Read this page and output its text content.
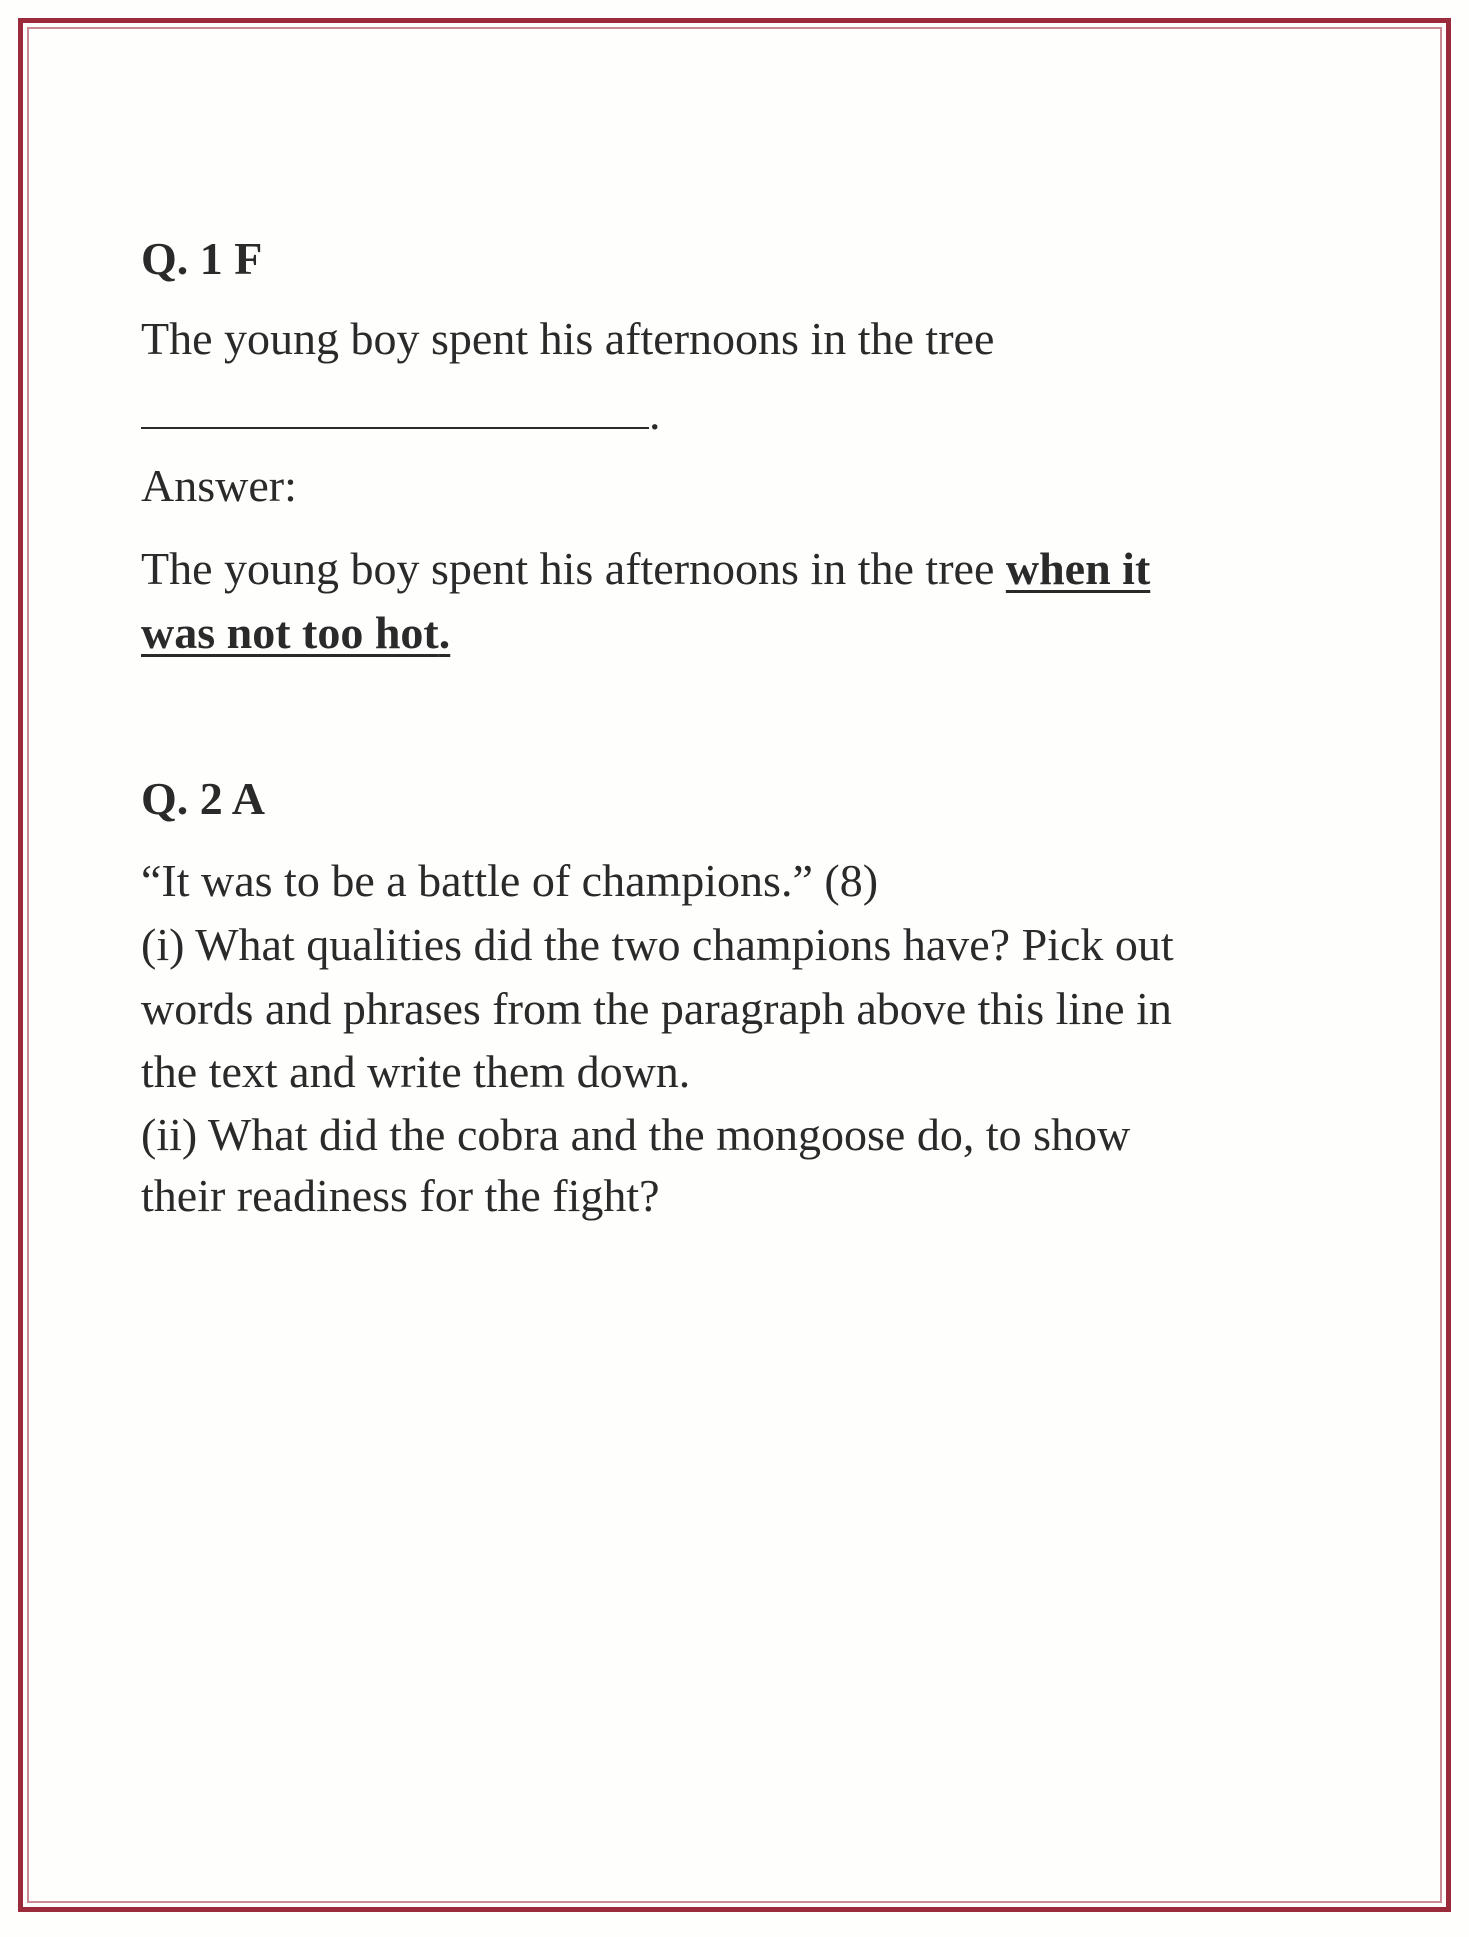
Q. 1 F
The young boy spent his afternoons in the tree
.
Answer:
The young boy spent his afternoons in the tree when it
was not too hot.
Q. 2 A
“It was to be a battle of champions.” (8)
(i) What qualities did the two champions have? Pick out
words and phrases from the paragraph above this line in
the text and write them down.
(ii) What did the cobra and the mongoose do, to show
their readiness for the fight?
